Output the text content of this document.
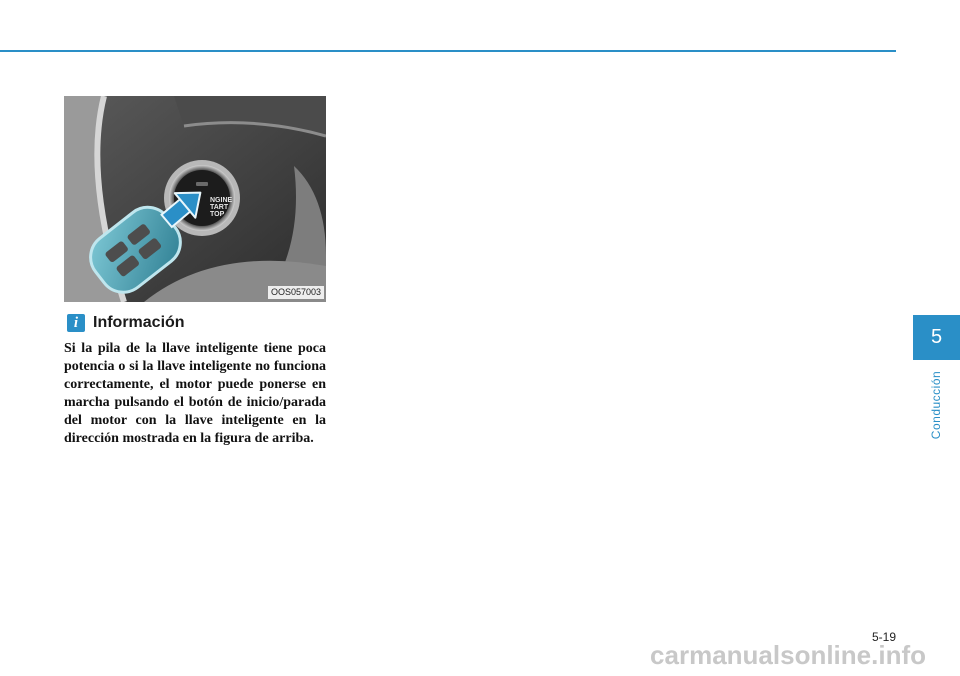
NGINE
TART
TOP
OOS057003
i Información

Si la pila de la llave inteligente tiene poca potencia o si la llave inteligente no funciona correctamente, el motor puede ponerse en marcha pulsando el botón de inicio/parada del motor con la llave inteligente en la dirección mostrada en la figura de arriba.

5
Conducción
5-19
carmanualsonline.info
